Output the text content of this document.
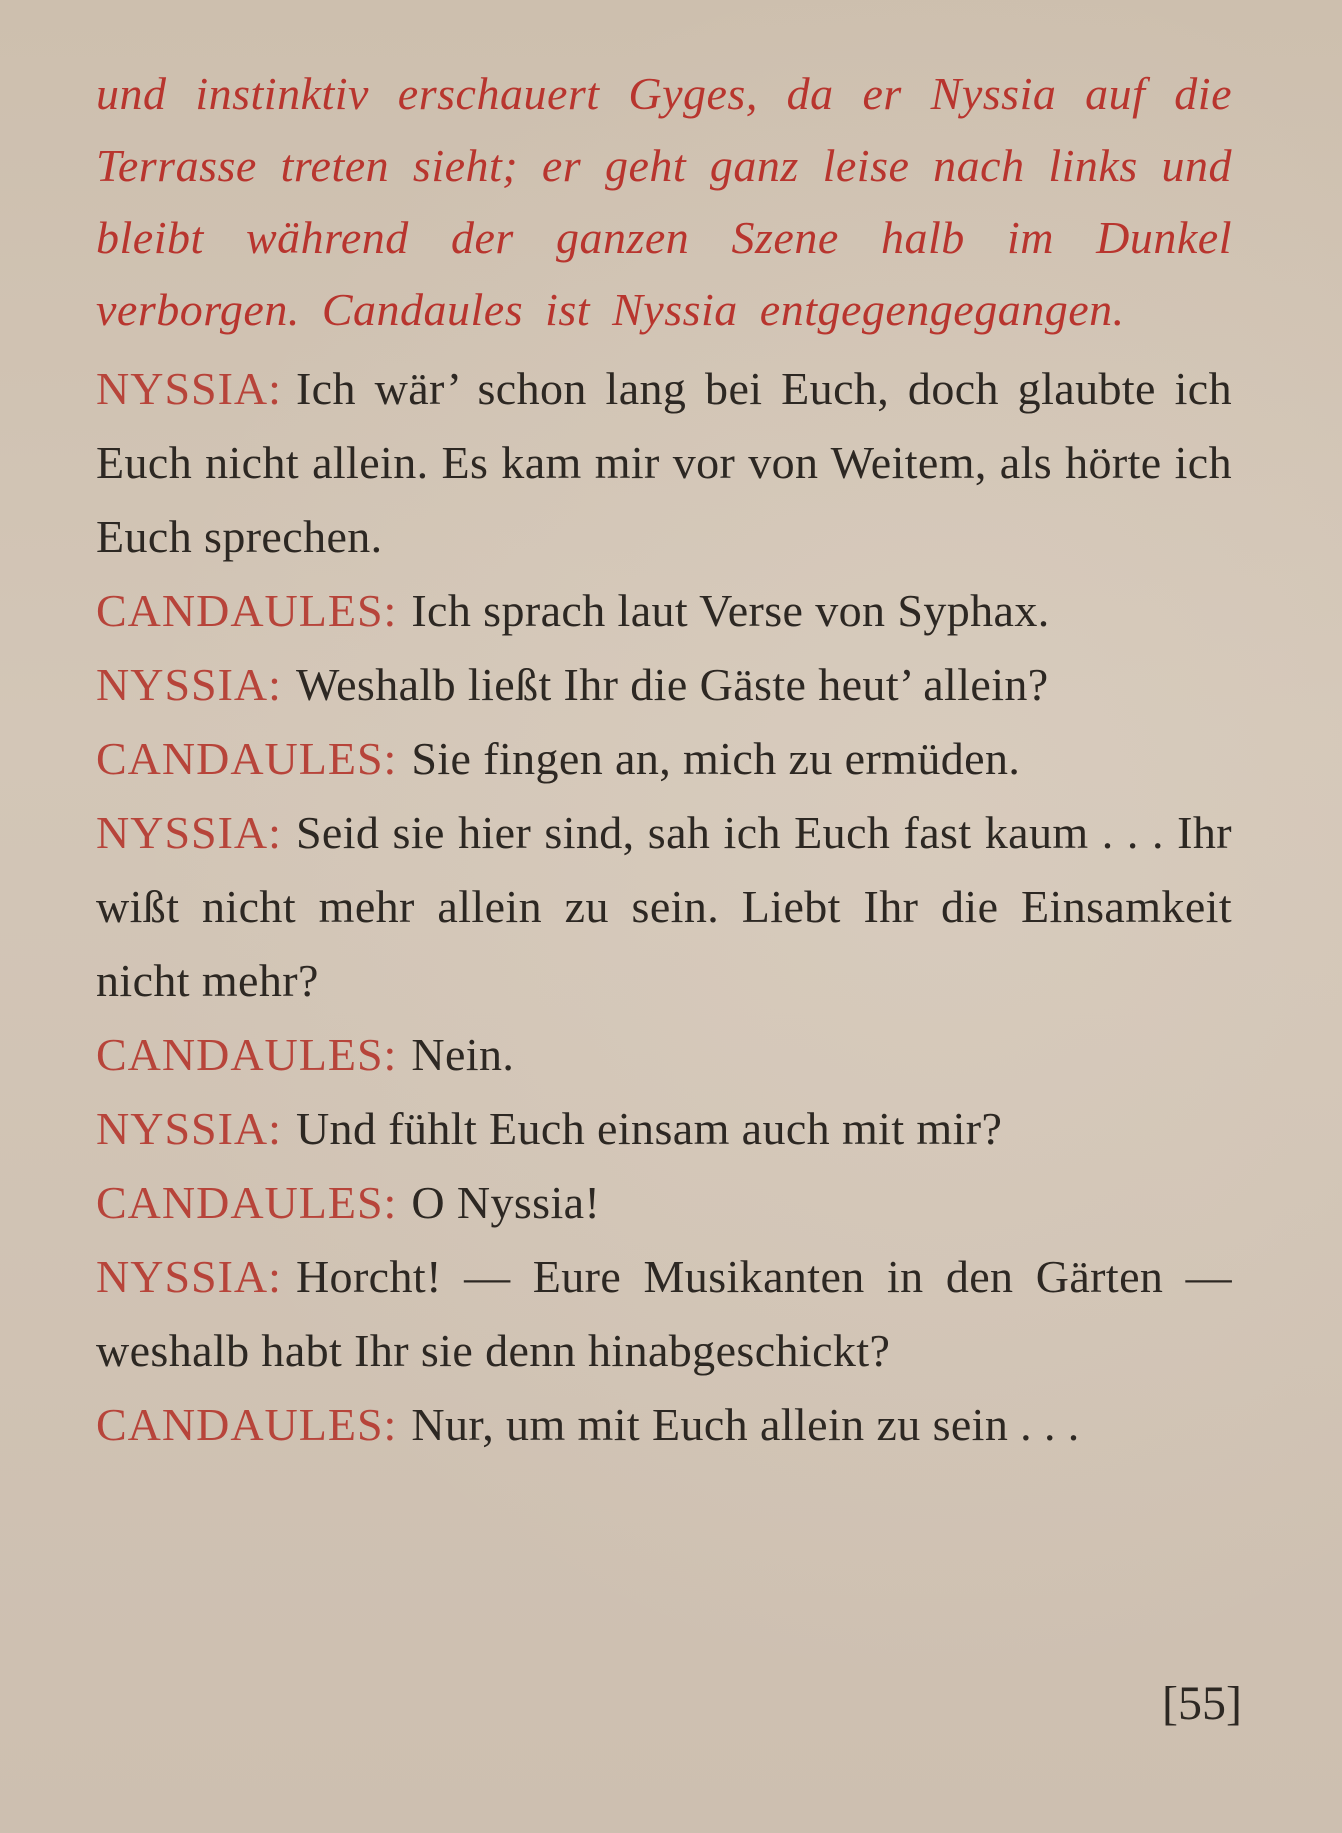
und instinktiv erschauert Gyges, da er Nyssia auf die Terrasse treten sieht; er geht ganz leise nach links und bleibt während der ganzen Szene halb im Dunkel verborgen. Candaules ist Nyssia entgegengegangen.

NYSSIA: Ich wär’ schon lang bei Euch, doch glaubte ich Euch nicht allein. Es kam mir vor von Weitem, als hörte ich Euch sprechen.

CANDAULES: Ich sprach laut Verse von Syphax.

NYSSIA: Weshalb ließt Ihr die Gäste heut’ allein?

CANDAULES: Sie fingen an, mich zu ermüden.

NYSSIA: Seid sie hier sind, sah ich Euch fast kaum . . . Ihr wißt nicht mehr allein zu sein. Liebt Ihr die Einsamkeit nicht mehr?

CANDAULES: Nein.

NYSSIA: Und fühlt Euch einsam auch mit mir?

CANDAULES: O Nyssia!

NYSSIA: Horcht! — Eure Musikanten in den Gärten — weshalb habt Ihr sie denn hinabgeschickt?

CANDAULES: Nur, um mit Euch allein zu sein . . .

[55]
